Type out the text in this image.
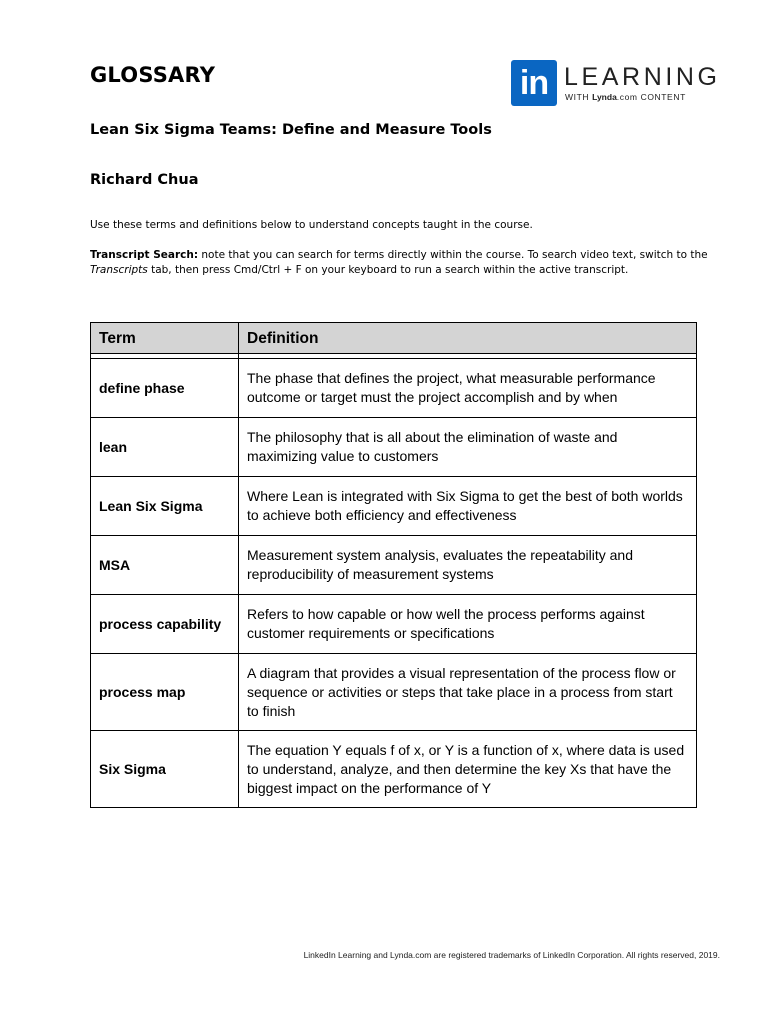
GLOSSARY	in LEARNING
WITH Lynda.com CONTENT
Lean Six Sigma Teams: Define and Measure Tools
Richard Chua

Use these terms and definitions below to understand concepts taught in the course.

Transcript Search: note that you can search for terms directly within the course. To search video text, switch to the Transcripts tab, then press Cmd/Ctrl + F on your keyboard to run a search within the active transcript.

Term	Definition

define phase	The phase that defines the project, what measurable performance outcome or target must the project accomplish and by when
lean	The philosophy that is all about the elimination of waste and maximizing value to customers
Lean Six Sigma	Where Lean is integrated with Six Sigma to get the best of both worlds to achieve both efficiency and effectiveness
MSA	Measurement system analysis, evaluates the repeatability and reproducibility of measurement systems
process capability	Refers to how capable or how well the process performs against customer requirements or specifications
process map	A diagram that provides a visual representation of the process flow or sequence or activities or steps that take place in a process from start to finish
Six Sigma	The equation Y equals f of x, or Y is a function of x, where data is used to understand, analyze, and then determine the key Xs that have the biggest impact on the performance of Y

LinkedIn Learning and Lynda.com are registered trademarks of LinkedIn Corporation. All rights reserved, 2019.
